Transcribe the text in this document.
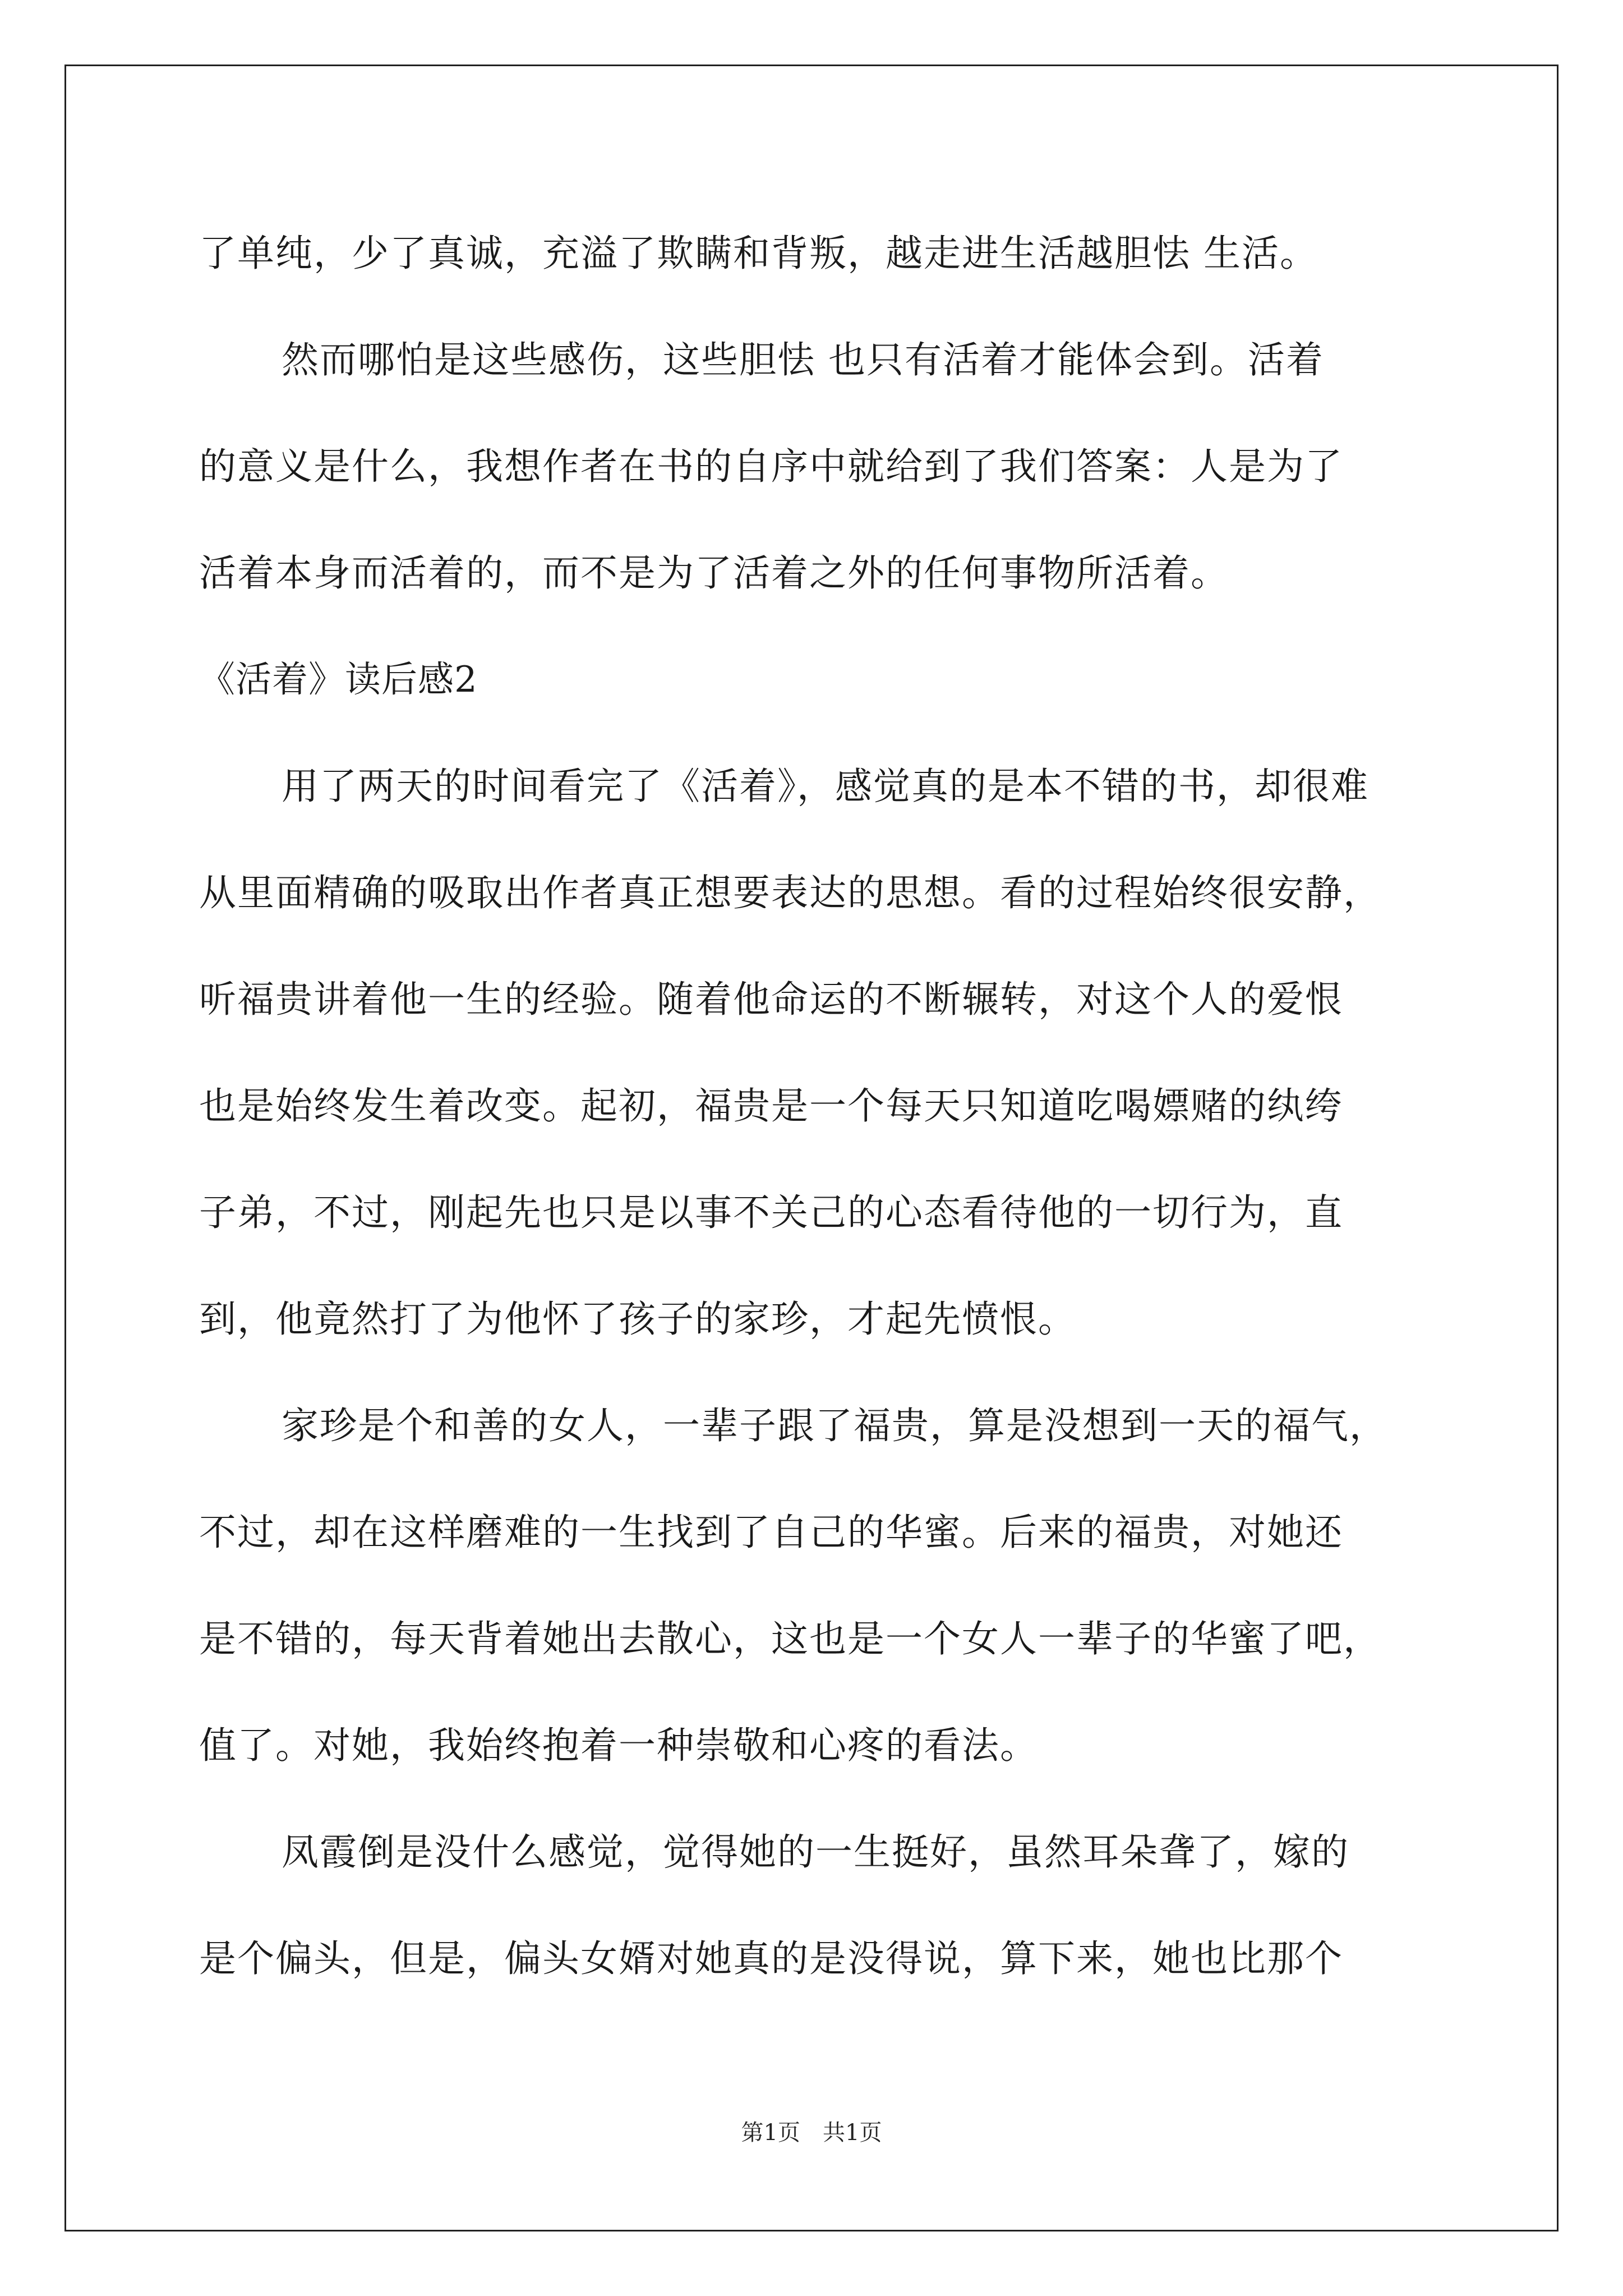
了单纯，少了真诚，充溢了欺瞒和背叛，越走进生活越胆怯 生活。
然而哪怕是这些感伤，这些胆怯 也只有活着才能体会到。活着
的意义是什么，我想作者在书的自序中就给到了我们答案：人是为了
活着本身而活着的，而不是为了活着之外的任何事物所活着。
《活着》读后感2
用了两天的时间看完了《活着》，感觉真的是本不错的书，却很难
从里面精确的吸取出作者真正想要表达的思想。看的过程始终很安静，
听福贵讲着他一生的经验。随着他命运的不断辗转，对这个人的爱恨
也是始终发生着改变。起初，福贵是一个每天只知道吃喝嫖赌的纨绔
子弟，不过，刚起先也只是以事不关己的心态看待他的一切行为，直
到，他竟然打了为他怀了孩子的家珍，才起先愤恨。
家珍是个和善的女人，一辈子跟了福贵，算是没想到一天的福气，
不过，却在这样磨难的一生找到了自己的华蜜。后来的福贵，对她还
是不错的，每天背着她出去散心，这也是一个女人一辈子的华蜜了吧，
值了。对她，我始终抱着一种崇敬和心疼的看法。
凤霞倒是没什么感觉，觉得她的一生挺好，虽然耳朵聋了，嫁的
是个偏头，但是，偏头女婿对她真的是没得说，算下来，她也比那个
第1页　共1页
